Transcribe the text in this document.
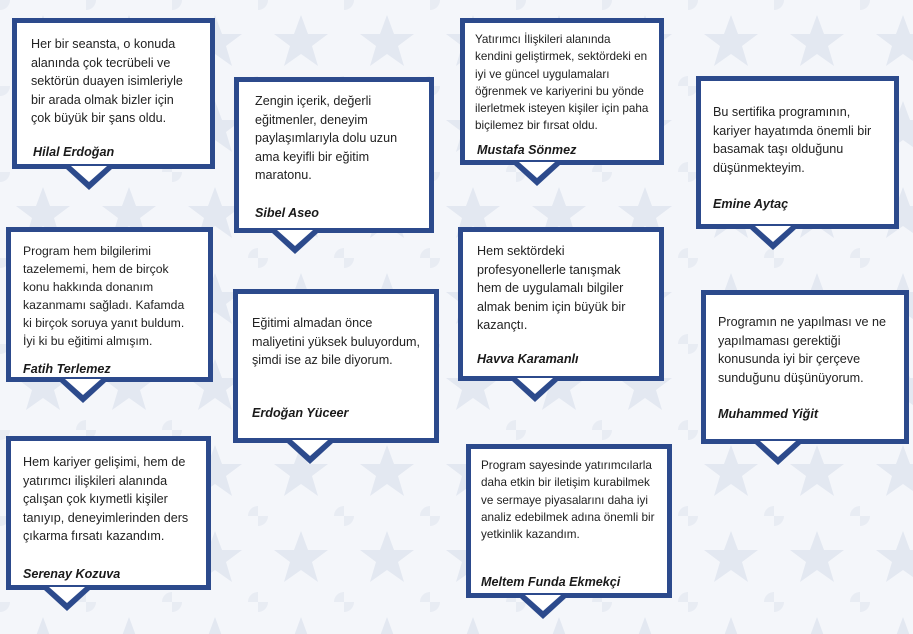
Her bir seansta, o konuda alanında çok tecrübeli ve sektörün duayen isimleriyle bir arada olmak bizler için çok büyük bir şans oldu.

Hilal Erdoğan

Zengin içerik, değerli eğitmenler, deneyim paylaşımlarıyla dolu uzun ama keyifli bir eğitim maratonu.

Sibel Aseo

Yatırımcı İlişkileri alanında kendini geliştirmek, sektördeki en iyi ve güncel uygulamaları öğrenmek ve kariyerini bu yönde ilerletmek isteyen kişiler için paha biçilemez bir fırsat oldu.

Mustafa Sönmez

Bu sertifika programının, kariyer hayatımda önemli bir basamak taşı olduğunu düşünmekteyim.

Emine Aytaç

Program hem bilgilerimi tazelememi, hem de birçok konu hakkında donanım kazanmamı sağladı. Kafamda ki birçok soruya yanıt buldum. İyi ki bu eğitimi almışım.

Fatih Terlemez

Eğitimi almadan önce maliyetini yüksek buluyordum, şimdi ise az bile diyorum.

Erdoğan Yüceer

Hem sektördeki profesyonellerle tanışmak hem de uygulamalı bilgiler almak benim için büyük bir kazançtı.

Havva Karamanlı

Programın ne yapılması ve ne yapılmaması gerektiği konusunda iyi bir çerçeve sunduğunu düşünüyorum.

Muhammed Yiğit

Hem kariyer gelişimi, hem de yatırımcı ilişkileri alanında çalışan çok kıymetli kişiler tanıyıp, deneyimlerinden ders çıkarma fırsatı kazandım.

Serenay Kozuva

Program sayesinde yatırımcılarla daha etkin bir iletişim kurabilmek ve sermaye piyasalarını daha iyi analiz edebilmek adına önemli bir yetkinlik kazandım.

Meltem Funda Ekmekçi
